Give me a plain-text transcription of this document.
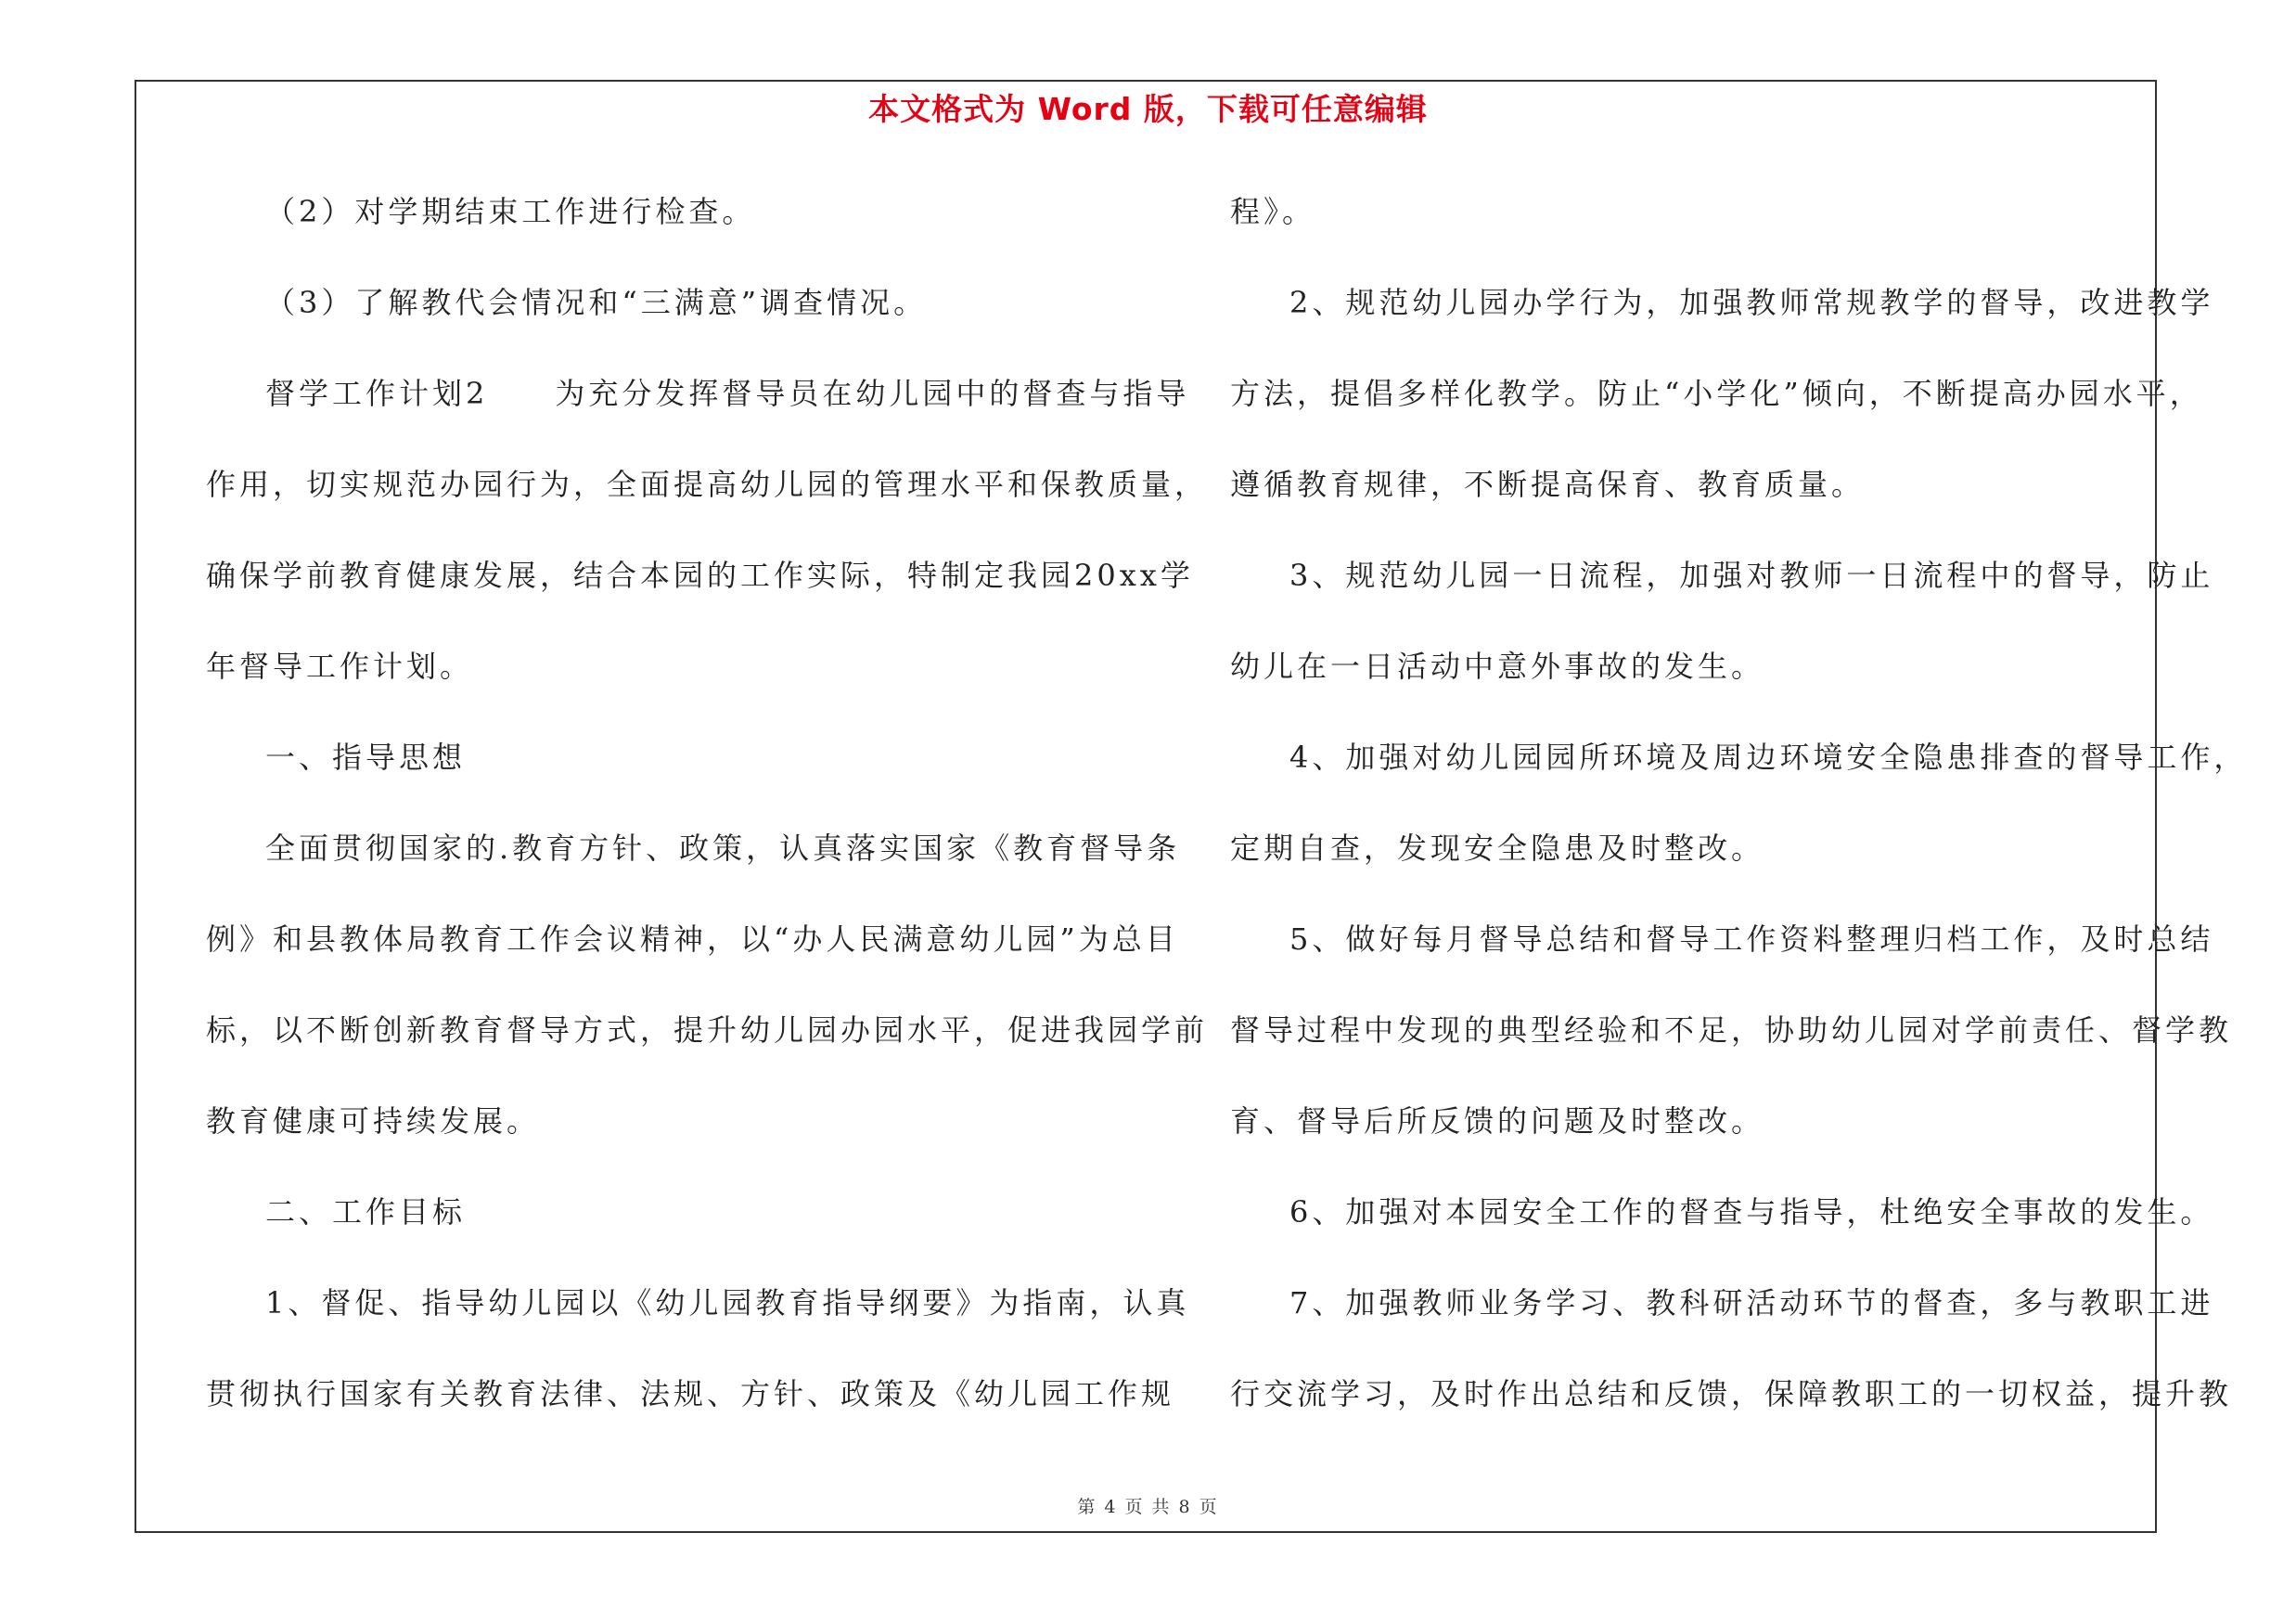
本文格式为 Word 版，下载可任意编辑
（2）对学期结束工作进行检查。
（3）了解教代会情况和“三满意”调查情况。
督学工作计划2　　为充分发挥督导员在幼儿园中的督查与指导
作用，切实规范办园行为，全面提高幼儿园的管理水平和保教质量，
确保学前教育健康发展，结合本园的工作实际，特制定我园20xx学
年督导工作计划。
一、指导思想
全面贯彻国家的.教育方针、政策，认真落实国家《教育督导条
例》和县教体局教育工作会议精神，以“办人民满意幼儿园”为总目
标，以不断创新教育督导方式，提升幼儿园办园水平，促进我园学前
教育健康可持续发展。
二、工作目标
1、督促、指导幼儿园以《幼儿园教育指导纲要》为指南，认真
贯彻执行国家有关教育法律、法规、方针、政策及《幼儿园工作规
程》。
2、规范幼儿园办学行为，加强教师常规教学的督导，改进教学
方法，提倡多样化教学。防止“小学化”倾向，不断提高办园水平，
遵循教育规律，不断提高保育、教育质量。
3、规范幼儿园一日流程，加强对教师一日流程中的督导，防止
幼儿在一日活动中意外事故的发生。
4、加强对幼儿园园所环境及周边环境安全隐患排查的督导工作，
定期自查，发现安全隐患及时整改。
5、做好每月督导总结和督导工作资料整理归档工作，及时总结
督导过程中发现的典型经验和不足，协助幼儿园对学前责任、督学教
育、督导后所反馈的问题及时整改。
6、加强对本园安全工作的督查与指导，杜绝安全事故的发生。
7、加强教师业务学习、教科研活动环节的督查，多与教职工进
行交流学习，及时作出总结和反馈，保障教职工的一切权益，提升教
第 4 页 共 8 页
